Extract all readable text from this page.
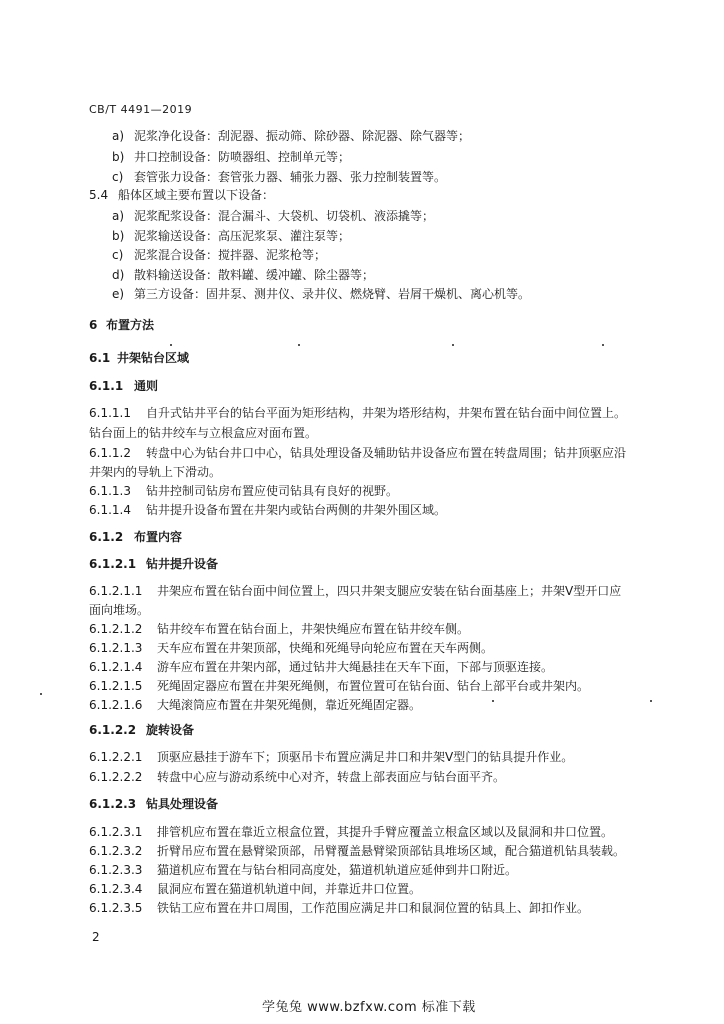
CB/T 4491—2019
a) 泥浆净化设备：刮泥器、振动筛、除砂器、除泥器、除气器等；
b) 井口控制设备：防喷器组、控制单元等；
c) 套管张力设备：套管张力器、辅张力器、张力控制装置等。
5.4 船体区域主要布置以下设备：
a) 泥浆配浆设备：混合漏斗、大袋机、切袋机、液添撬等；
b) 泥浆输送设备：高压泥浆泵、灌注泵等；
c) 泥浆混合设备：搅拌器、泥浆枪等；
d) 散料输送设备：散料罐、缓冲罐、除尘器等；
e) 第三方设备：固井泵、测井仪、录井仪、燃烧臂、岩屑干燥机、离心机等。
6 布置方法
6.1 井架钻台区域
6.1.1 通则
6.1.1.1 自升式钻井平台的钻台平面为矩形结构，井架为塔形结构，井架布置在钻台面中间位置上。
钻台面上的钻井绞车与立根盒应对面布置。
6.1.1.2 转盘中心为钻台井口中心，钻具处理设备及辅助钻井设备应布置在转盘周围；钻井顶驱应沿
井架内的导轨上下滑动。
6.1.1.3 钻井控制司钻房布置应使司钻具有良好的视野。
6.1.1.4 钻井提升设备布置在井架内或钻台两侧的井架外围区域。
6.1.2 布置内容
6.1.2.1 钻井提升设备
6.1.2.1.1 井架应布置在钻台面中间位置上，四只井架支腿应安装在钻台面基座上；井架Ⅴ型开口应
面向堆场。
6.1.2.1.2 钻井绞车布置在钻台面上，井架快绳应布置在钻井绞车侧。
6.1.2.1.3 天车应布置在井架顶部，快绳和死绳导向轮应布置在天车两侧。
6.1.2.1.4 游车应布置在井架内部，通过钻井大绳悬挂在天车下面，下部与顶驱连接。
6.1.2.1.5 死绳固定器应布置在井架死绳侧，布置位置可在钻台面、钻台上部平台或井架内。
6.1.2.1.6 大绳滚筒应布置在井架死绳侧，靠近死绳固定器。
6.1.2.2 旋转设备
6.1.2.2.1 顶驱应悬挂于游车下；顶驱吊卡布置应满足井口和井架Ⅴ型门的钻具提升作业。
6.1.2.2.2 转盘中心应与游动系统中心对齐，转盘上部表面应与钻台面平齐。
6.1.2.3 钻具处理设备
6.1.2.3.1 排管机应布置在靠近立根盒位置，其提升手臂应覆盖立根盒区域以及鼠洞和井口位置。
6.1.2.3.2 折臂吊应布置在悬臂梁顶部，吊臂覆盖悬臂梁顶部钻具堆场区域，配合猫道机钻具装载。
6.1.2.3.3 猫道机应布置在与钻台相同高度处，猫道机轨道应延伸到井口附近。
6.1.2.3.4 鼠洞应布置在猫道机轨道中间，并靠近井口位置。
6.1.2.3.5 铁钻工应布置在井口周围，工作范围应满足井口和鼠洞位置的钻具上、卸扣作业。
2
学兔兔 www.bzfxw.com 标准下载
